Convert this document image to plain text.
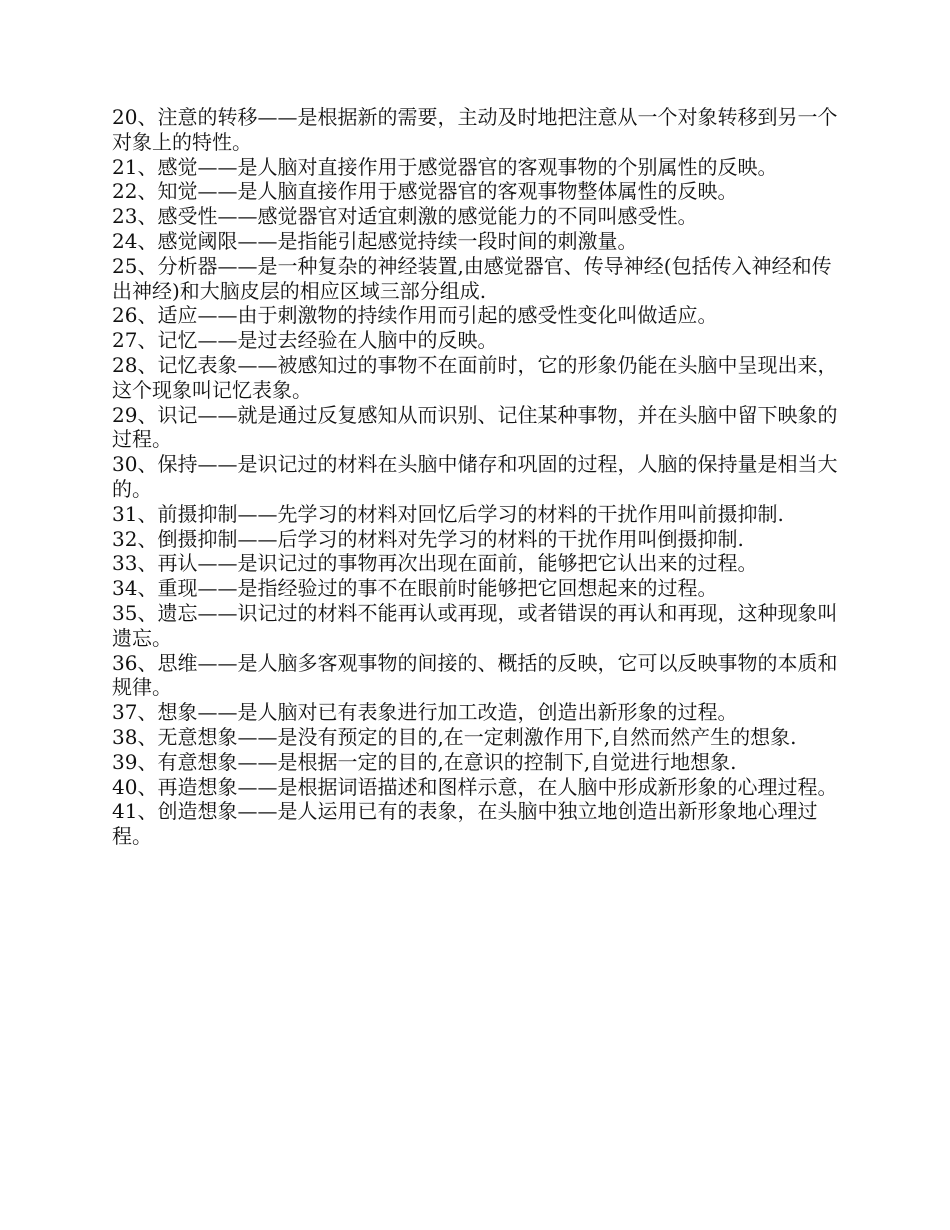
20、注意的转移——是根据新的需要，主动及时地把注意从一个对象转移到另一个对象上的特性。

21、感觉——是人脑对直接作用于感觉器官的客观事物的个别属性的反映。

22、知觉——是人脑直接作用于感觉器官的客观事物整体属性的反映。

23、感受性——感觉器官对适宜刺激的感觉能力的不同叫感受性。

24、感觉阈限——是指能引起感觉持续一段时间的刺激量。

25、分析器——是一种复杂的神经装置,由感觉器官、传导神经(包括传入神经和传出神经)和大脑皮层的相应区域三部分组成.

26、适应——由于刺激物的持续作用而引起的感受性变化叫做适应。

27、记忆——是过去经验在人脑中的反映。

28、记忆表象——被感知过的事物不在面前时，它的形象仍能在头脑中呈现出来，这个现象叫记忆表象。

29、识记——就是通过反复感知从而识别、记住某种事物，并在头脑中留下映象的过程。

30、保持——是识记过的材料在头脑中储存和巩固的过程，人脑的保持量是相当大的。

31、前摄抑制——先学习的材料对回忆后学习的材料的干扰作用叫前摄抑制.

32、倒摄抑制——后学习的材料对先学习的材料的干扰作用叫倒摄抑制.

33、再认——是识记过的事物再次出现在面前，能够把它认出来的过程。

34、重现——是指经验过的事不在眼前时能够把它回想起来的过程。

35、遗忘——识记过的材料不能再认或再现，或者错误的再认和再现，这种现象叫遗忘。

36、思维——是人脑多客观事物的间接的、概括的反映，它可以反映事物的本质和规律。

37、想象——是人脑对已有表象进行加工改造，创造出新形象的过程。

38、无意想象——是没有预定的目的,在一定刺激作用下,自然而然产生的想象.

39、有意想象——是根据一定的目的,在意识的控制下,自觉进行地想象.

40、再造想象——是根据词语描述和图样示意，在人脑中形成新形象的心理过程。

41、创造想象——是人运用已有的表象，在头脑中独立地创造出新形象地心理过程。
